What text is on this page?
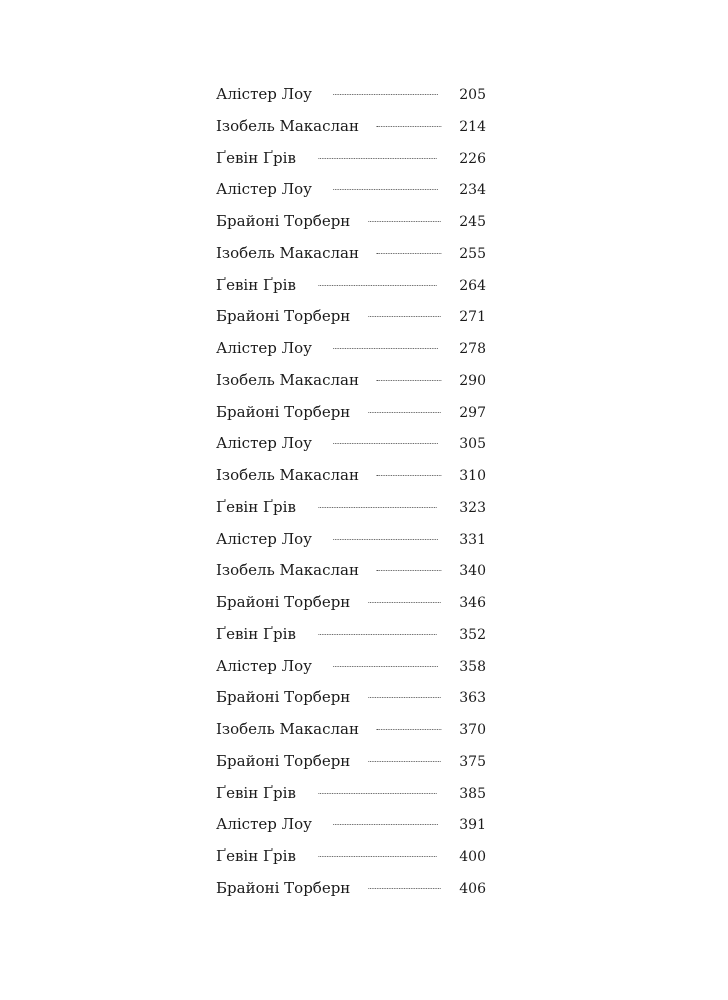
Алістер Лоу	205
Ізобель Макаслан	214
Ґевін Ґрів	226
Алістер Лоу	234
Брайоні Торберн	245
Ізобель Макаслан	255
Ґевін Ґрів	264
Брайоні Торберн	271
Алістер Лоу	278
Ізобель Макаслан	290
Брайоні Торберн	297
Алістер Лоу	305
Ізобель Макаслан	310
Ґевін Ґрів	323
Алістер Лоу	331
Ізобель Макаслан	340
Брайоні Торберн	346
Ґевін Ґрів	352
Алістер Лоу	358
Брайоні Торберн	363
Ізобель Макаслан	370
Брайоні Торберн	375
Ґевін Ґрів	385
Алістер Лоу	391
Ґевін Ґрів	400
Брайоні Торберн	406
